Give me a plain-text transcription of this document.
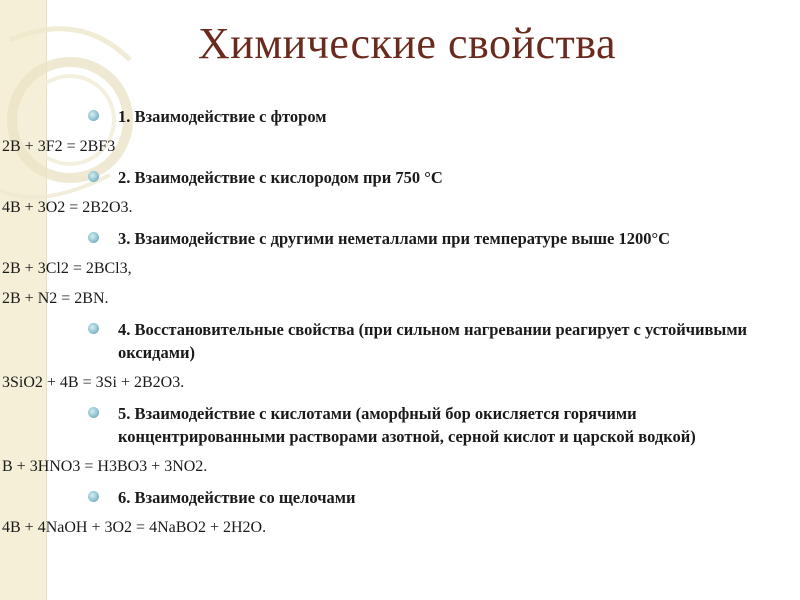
Химические свойства
1. Взаимодействие с фтором
2B + 3F2 = 2BF3
2. Взаимодействие с кислородом при 750 °С
4B + 3O2 = 2B2O3.
3. Взаимодействие с другими неметаллами при температуре выше 1200°С
2B + 3Cl2 = 2BCl3,
2B + N2 = 2BN.
4. Восстановительные свойства (при сильном нагревании реагирует с устойчивыми оксидами)
3SiO2 + 4B = 3Si + 2B2O3.
5. Взаимодействие с кислотами (аморфный бор окисляется горячими концентрированными растворами азотной, серной кислот и царской водкой)
B + 3HNO3 = H3BO3 + 3NO2.
6. Взаимодействие со щелочами
4B + 4NaOH + 3O2 = 4NaBO2 + 2H2O.
